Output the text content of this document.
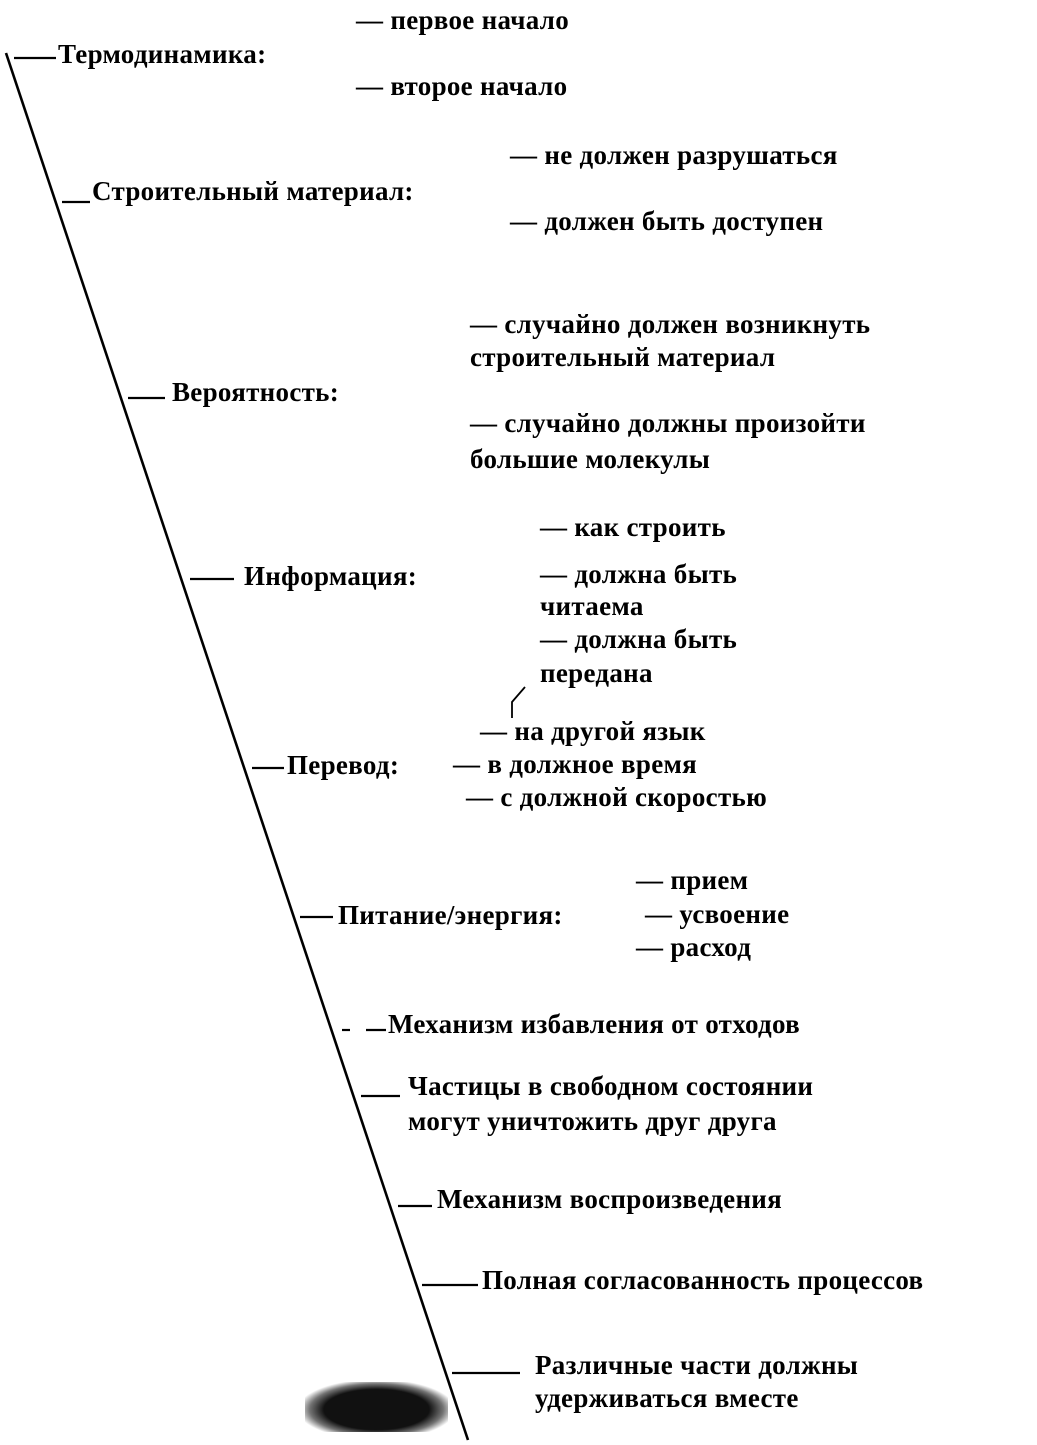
Термодинамика:
— первое начало
— второе начало
Строительный материал:
— не должен разрушаться
— должен быть доступен
Вероятность:
— случайно должен возникнуть
строительный материал
— случайно должны произойти
большие молекулы
Информация:
— как строить
— должна быть
читаема
— должна быть
передана
Перевод:
— на другой язык
— в должное время
— с должной скоростью
Питание/энергия:
— прием
— усвоение
— расход
Механизм избавления от отходов
Частицы в свободном состоянии
могут уничтожить друг друга
Механизм воспроизведения
Полная согласованность процессов
Различные части должны
удерживаться вместе
